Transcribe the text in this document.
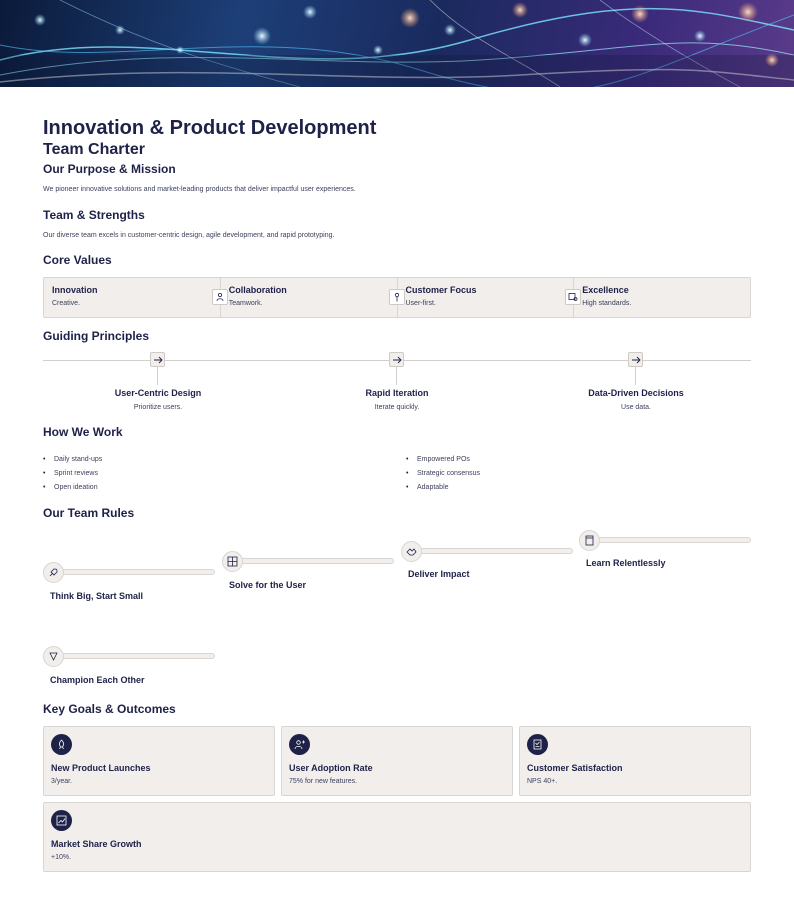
Innovation & Product Development
Team Charter
Our Purpose & Mission
We pioneer innovative solutions and market-leading products that deliver impactful user experiences.
Team & Strengths
Our diverse team excels in customer-centric design, agile development, and rapid prototyping.
Core Values
Innovation
Creative.
Collaboration
Teamwork.
Customer Focus
User-first.
Excellence
High standards.
Guiding Principles
User-Centric Design
Prioritize users.
Rapid Iteration
Iterate quickly.
Data-Driven Decisions
Use data.
How We Work
• Daily stand-ups
• Sprint reviews
• Open ideation
• Empowered POs
• Strategic consensus
• Adaptable
Our Team Rules
Think Big, Start Small
Solve for the User
Deliver Impact
Learn Relentlessly
Champion Each Other
Key Goals & Outcomes
New Product Launches
3/year.
User Adoption Rate
75% for new features.
Customer Satisfaction
NPS 40+.
Market Share Growth
+10%.
